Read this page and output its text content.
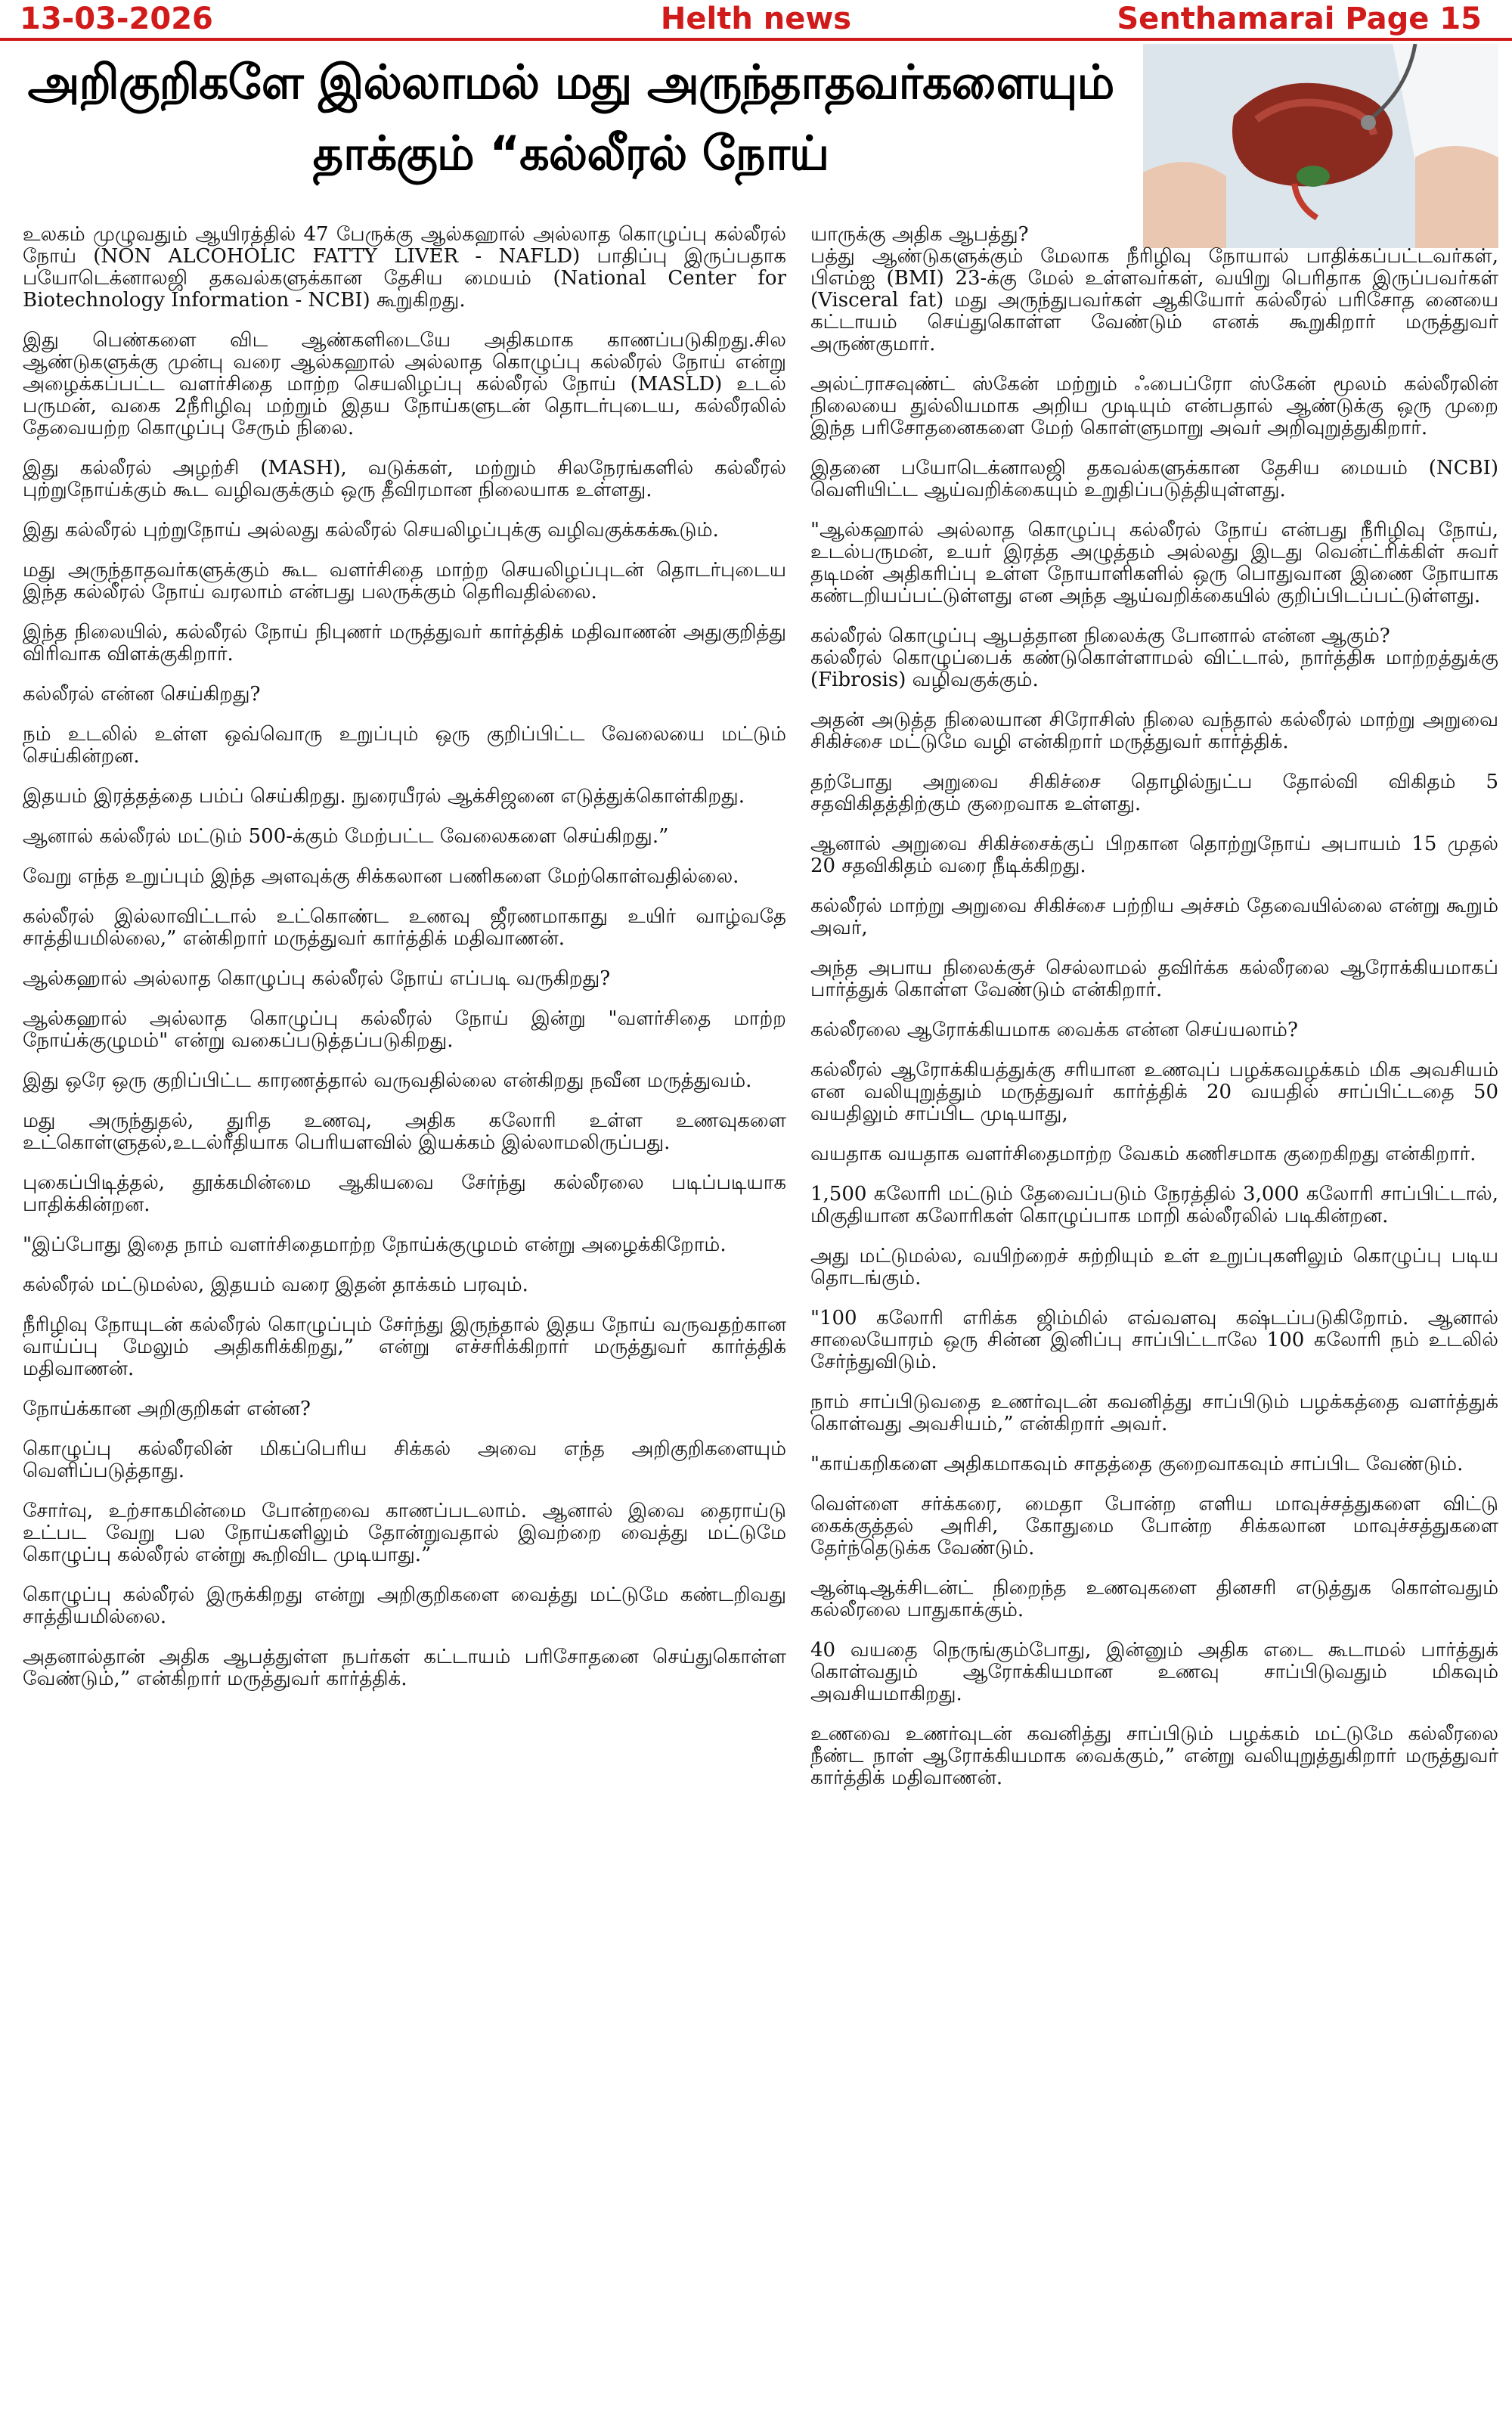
13-03-2026	Helth news	Senthamarai Page 15
அறிகுறிகளே இல்லாமல் மது அருந்தாதவர்களையும்
தாக்கும் “கல்லீரல் நோய்

உலகம் முழுவதும் ஆயிரத்தில் 47 பேருக்கு ஆல்கஹால் அல்லாத கொழுப்பு கல்லீரல் நோய் (NON ALCOHOLIC FATTY LIVER - NAFLD) பாதிப்பு இருப்பதாக பயோடெக்னாலஜி தகவல்களுக்கான தேசிய மையம் (National Center for Biotechnology Information - NCBI) கூறுகிறது.

இது பெண்களை விட ஆண்களிடையே அதிகமாக காணப்படுகிறது.சில ஆண்டுகளுக்கு முன்பு வரை ஆல்கஹால் அல்லாத கொழுப்பு கல்லீரல் நோய் என்று அழைக்கப்பட்ட வளர்சிதை மாற்ற செயலிழப்பு கல்லீரல் நோய் (MASLD) உடல் பருமன், வகை 2நீரிழிவு மற்றும் இதய நோய்களுடன் தொடர்புடைய, கல்லீரலில் தேவையற்ற கொழுப்பு சேரும் நிலை.

இது கல்லீரல் அழற்சி (MASH), வடுக்கள், மற்றும் சிலநேரங்களில் கல்லீரல் புற்றுநோய்க்கும் கூட வழிவகுக்கும் ஒரு தீவிரமான நிலையாக உள்ளது.

இது கல்லீரல் புற்றுநோய் அல்லது கல்லீரல் செயலிழப்புக்கு வழிவகுக்கக்கூடும்.

மது அருந்தாதவர்களுக்கும் கூட வளர்சிதை மாற்ற செயலிழப்புடன் தொடர்புடைய இந்த கல்லீரல் நோய் வரலாம் என்பது பலருக்கும் தெரிவதில்லை.

இந்த நிலையில், கல்லீரல் நோய் நிபுணர் மருத்துவர் கார்த்திக் மதிவாணன் அதுகுறித்து விரிவாக விளக்குகிறார்.

கல்லீரல் என்ன செய்கிறது?

நம் உடலில் உள்ள ஒவ்வொரு உறுப்பும் ஒரு குறிப்பிட்ட வேலையை மட்டும் செய்கின்றன.

இதயம் இரத்தத்தை பம்ப் செய்கிறது. நுரையீரல் ஆக்சிஜனை எடுத்துக்கொள்கிறது.

ஆனால் கல்லீரல் மட்டும் 500-க்கும் மேற்பட்ட வேலைகளை செய்கிறது.”

வேறு எந்த உறுப்பும் இந்த அளவுக்கு சிக்கலான பணிகளை மேற்கொள்வதில்லை.

கல்லீரல் இல்லாவிட்டால் உட்கொண்ட உணவு ஜீரணமாகாது உயிர் வாழ்வதே சாத்தியமில்லை,” என்கிறார் மருத்துவர் கார்த்திக் மதிவாணன்.

ஆல்கஹால் அல்லாத கொழுப்பு கல்லீரல் நோய் எப்படி வருகிறது?

ஆல்கஹால் அல்லாத கொழுப்பு கல்லீரல் நோய் இன்று "வளர்சிதை மாற்ற நோய்க்குழுமம்" என்று வகைப்படுத்தப்படுகிறது.

இது ஒரே ஒரு குறிப்பிட்ட காரணத்தால் வருவதில்லை என்கிறது நவீன மருத்துவம்.

மது அருந்துதல், துரித உணவு, அதிக கலோரி உள்ள உணவுகளை உட்கொள்ளுதல்,உடல்ரீதியாக பெரியளவில் இயக்கம் இல்லாமலிருப்பது.

புகைப்பிடித்தல், தூக்கமின்மை ஆகியவை சேர்ந்து கல்லீரலை படிப்படியாக பாதிக்கின்றன.

"இப்போது இதை நாம் வளர்சிதைமாற்ற நோய்க்குழுமம் என்று அழைக்கிறோம்.

கல்லீரல் மட்டுமல்ல, இதயம் வரை இதன் தாக்கம் பரவும்.

நீரிழிவு நோயுடன் கல்லீரல் கொழுப்பும் சேர்ந்து இருந்தால் இதய நோய் வருவதற்கான வாய்ப்பு மேலும் அதிகரிக்கிறது,” என்று எச்சரிக்கிறார் மருத்துவர் கார்த்திக் மதிவாணன்.

நோய்க்கான அறிகுறிகள் என்ன?

கொழுப்பு கல்லீரலின் மிகப்பெரிய சிக்கல் அவை எந்த அறிகுறிகளையும் வெளிப்படுத்தாது.

சோர்வு, உற்சாகமின்மை போன்றவை காணப்படலாம். ஆனால் இவை தைராய்டு உட்பட வேறு பல நோய்களிலும் தோன்றுவதால் இவற்றை வைத்து மட்டுமே கொழுப்பு கல்லீரல் என்று கூறிவிட முடியாது.”

கொழுப்பு கல்லீரல் இருக்கிறது என்று அறிகுறிகளை வைத்து மட்டுமே கண்டறிவது சாத்தியமில்லை.

அதனால்தான் அதிக ஆபத்துள்ள நபர்கள் கட்டாயம் பரிசோதனை செய்துகொள்ள வேண்டும்,” என்கிறார் மருத்துவர் கார்த்திக்.

யாருக்கு அதிக ஆபத்து?
பத்து ஆண்டுகளுக்கும் மேலாக நீரிழிவு நோயால் பாதிக்கப்பட்டவர்கள், பிஎம்ஐ (BMI) 23-க்கு மேல் உள்ளவர்கள், வயிறு பெரிதாக இருப்பவர்கள் (Visceral fat) மது அருந்துபவர்கள் ஆகியோர் கல்லீரல் பரிசோத னையை கட்டாயம் செய்துகொள்ள வேண்டும் எனக் கூறுகிறார் மருத்துவர் அருண்குமார்.

அல்ட்ராசவுண்ட் ஸ்கேன் மற்றும் ஃபைப்ரோ ஸ்கேன் மூலம் கல்லீரலின் நிலையை துல்லியமாக அறிய முடியும் என்பதால் ஆண்டுக்கு ஒரு முறை இந்த பரிசோதனைகளை மேற் கொள்ளுமாறு அவர் அறிவுறுத்துகிறார்.

இதனை பயோடெக்னாலஜி தகவல்களுக்கான தேசிய மையம் (NCBI) வெளியிட்ட ஆய்வறிக்கையும் உறுதிப்படுத்தியுள்ளது.

"ஆல்கஹால் அல்லாத கொழுப்பு கல்லீரல் நோய் என்பது நீரிழிவு நோய், உடல்பருமன், உயர் இரத்த அழுத்தம் அல்லது இடது வென்ட்ரிக்கிள் சுவர் தடிமன் அதிகரிப்பு உள்ள நோயாளிகளில் ஒரு பொதுவான இணை நோயாக கண்டறியப்பட்டுள்ளது என அந்த ஆய்வறிக்கையில் குறிப்பிடப்பட்டுள்ளது.

கல்லீரல் கொழுப்பு ஆபத்தான நிலைக்கு போனால் என்ன ஆகும்?
கல்லீரல் கொழுப்பைக் கண்டுகொள்ளாமல் விட்டால், நார்த்திசு மாற்றத்துக்கு (Fibrosis) வழிவகுக்கும்.

அதன் அடுத்த நிலையான சிரோசிஸ் நிலை வந்தால் கல்லீரல் மாற்று அறுவை சிகிச்சை மட்டுமே வழி என்கிறார் மருத்துவர் கார்த்திக்.

தற்போது அறுவை சிகிச்சை தொழில்நுட்ப தோல்வி விகிதம் 5 சதவிகிதத்திற்கும் குறைவாக உள்ளது.

ஆனால் அறுவை சிகிச்சைக்குப் பிறகான தொற்றுநோய் அபாயம் 15 முதல் 20 சதவிகிதம் வரை நீடிக்கிறது.

கல்லீரல் மாற்று அறுவை சிகிச்சை பற்றிய அச்சம் தேவையில்லை என்று கூறும் அவர்,

அந்த அபாய நிலைக்குச் செல்லாமல் தவிர்க்க கல்லீரலை ஆரோக்கியமாகப் பார்த்துக் கொள்ள வேண்டும் என்கிறார்.

கல்லீரலை ஆரோக்கியமாக வைக்க என்ன செய்யலாம்?

கல்லீரல் ஆரோக்கியத்துக்கு சரியான உணவுப் பழக்கவழக்கம் மிக அவசியம் என வலியுறுத்தும் மருத்துவர் கார்த்திக் 20 வயதில் சாப்பிட்டதை 50 வயதிலும் சாப்பிட முடியாது,

வயதாக வயதாக வளர்சிதைமாற்ற வேகம் கணிசமாக குறைகிறது என்கிறார்.

1,500 கலோரி மட்டும் தேவைப்படும் நேரத்தில் 3,000 கலோரி சாப்பிட்டால், மிகுதியான கலோரிகள் கொழுப்பாக மாறி கல்லீரலில் படிகின்றன.

அது மட்டுமல்ல, வயிற்றைச் சுற்றியும் உள் உறுப்புகளிலும் கொழுப்பு படிய தொடங்கும்.

"100 கலோரி எரிக்க ஜிம்மில் எவ்வளவு கஷ்டப்படுகிறோம். ஆனால் சாலையோரம் ஒரு சின்ன இனிப்பு சாப்பிட்டாலே 100 கலோரி நம் உடலில் சேர்ந்துவிடும்.

நாம் சாப்பிடுவதை உணர்வுடன் கவனித்து சாப்பிடும் பழக்கத்தை வளர்த்துக் கொள்வது அவசியம்,” என்கிறார் அவர்.

"காய்கறிகளை அதிகமாகவும் சாதத்தை குறைவாகவும் சாப்பிட வேண்டும்.

வெள்ளை சர்க்கரை, மைதா போன்ற எளிய மாவுச்சத்துகளை விட்டு கைக்குத்தல் அரிசி, கோதுமை போன்ற சிக்கலான மாவுச்சத்துகளை தேர்ந்தெடுக்க வேண்டும்.

ஆன்டிஆக்சிடன்ட் நிறைந்த உணவுகளை தினசரி எடுத்துக கொள்வதும் கல்லீரலை பாதுகாக்கும்.

40 வயதை நெருங்கும்போது, இன்னும் அதிக எடை கூடாமல் பார்த்துக் கொள்வதும் ஆரோக்கியமான உணவு சாப்பிடுவதும் மிகவும் அவசியமாகிறது.

உணவை உணர்வுடன் கவனித்து சாப்பிடும் பழக்கம் மட்டுமே கல்லீரலை நீண்ட நாள் ஆரோக்கியமாக வைக்கும்,” என்று வலியுறுத்துகிறார் மருத்துவர் கார்த்திக் மதிவாணன்.
